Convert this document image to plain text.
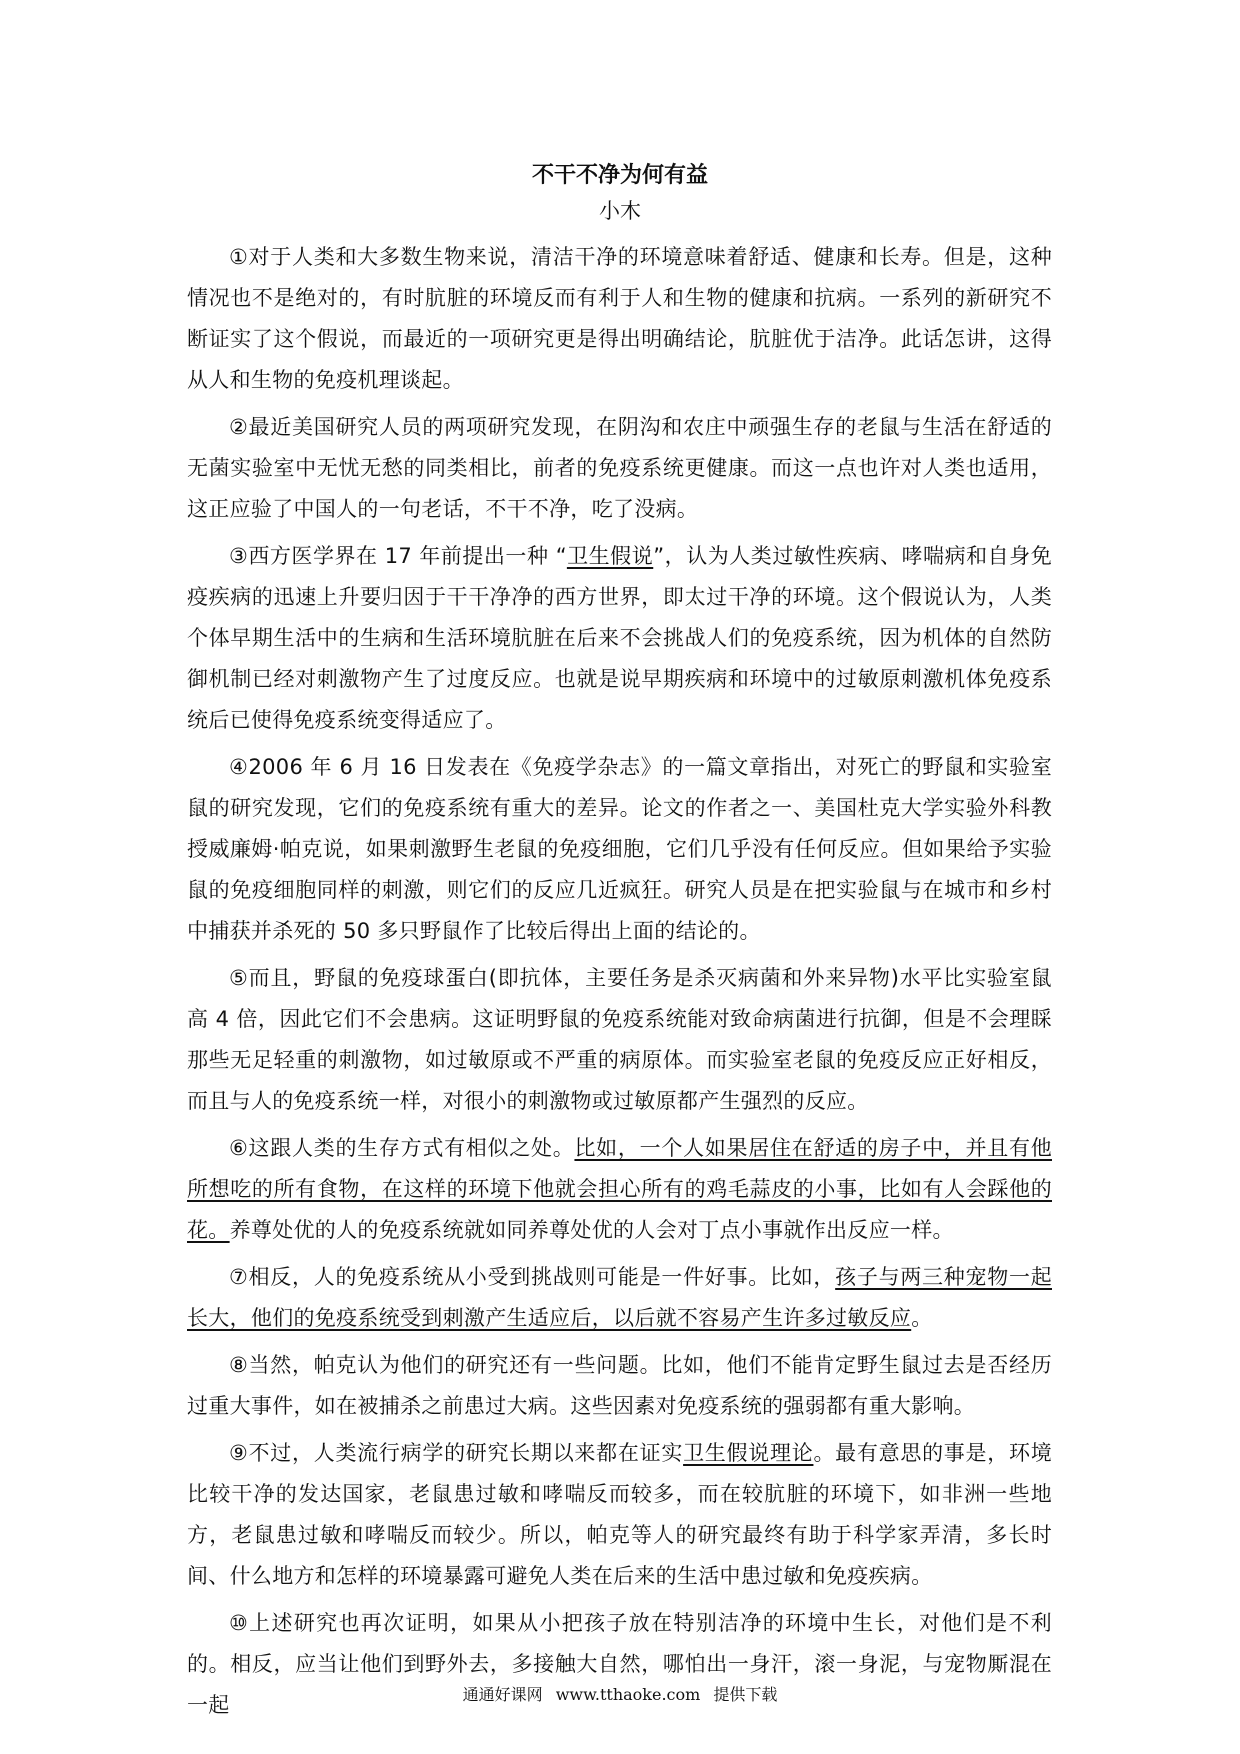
不干不净为何有益
小木

①对于人类和大多数生物来说，清洁干净的环境意味着舒适、健康和长寿。但是，这种情况也不是绝对的，有时肮脏的环境反而有利于人和生物的健康和抗病。一系列的新研究不断证实了这个假说，而最近的一项研究更是得出明确结论，肮脏优于洁净。此话怎讲，这得从人和生物的免疫机理谈起。

②最近美国研究人员的两项研究发现，在阴沟和农庄中顽强生存的老鼠与生活在舒适的无菌实验室中无忧无愁的同类相比，前者的免疫系统更健康。而这一点也许对人类也适用，这正应验了中国人的一句老话，不干不净，吃了没病。

③西方医学界在 17 年前提出一种 “卫生假说”，认为人类过敏性疾病、哮喘病和自身免疫疾病的迅速上升要归因于干干净净的西方世界，即太过干净的环境。这个假说认为，人类个体早期生活中的生病和生活环境肮脏在后来不会挑战人们的免疫系统，因为机体的自然防御机制已经对刺激物产生了过度反应。也就是说早期疾病和环境中的过敏原刺激机体免疫系统后已使得免疫系统变得适应了。

④2006 年 6 月 16 日发表在《免疫学杂志》的一篇文章指出，对死亡的野鼠和实验室鼠的研究发现，它们的免疫系统有重大的差异。论文的作者之一、美国杜克大学实验外科教授威廉姆·帕克说，如果刺激野生老鼠的免疫细胞，它们几乎没有任何反应。但如果给予实验鼠的免疫细胞同样的刺激，则它们的反应几近疯狂。研究人员是在把实验鼠与在城市和乡村中捕获并杀死的 50 多只野鼠作了比较后得出上面的结论的。

⑤而且，野鼠的免疫球蛋白(即抗体，主要任务是杀灭病菌和外来异物)水平比实验室鼠高 4 倍，因此它们不会患病。这证明野鼠的免疫系统能对致命病菌进行抗御，但是不会理睬那些无足轻重的刺激物，如过敏原或不严重的病原体。而实验室老鼠的免疫反应正好相反，而且与人的免疫系统一样，对很小的刺激物或过敏原都产生强烈的反应。

⑥这跟人类的生存方式有相似之处。比如，一个人如果居住在舒适的房子中，并且有他所想吃的所有食物，在这样的环境下他就会担心所有的鸡毛蒜皮的小事，比如有人会踩他的花。养尊处优的人的免疫系统就如同养尊处优的人会对丁点小事就作出反应一样。

⑦相反，人的免疫系统从小受到挑战则可能是一件好事。比如，孩子与两三种宠物一起长大，他们的免疫系统受到刺激产生适应后，以后就不容易产生许多过敏反应。

⑧当然，帕克认为他们的研究还有一些问题。比如，他们不能肯定野生鼠过去是否经历过重大事件，如在被捕杀之前患过大病。这些因素对免疫系统的强弱都有重大影响。

⑨不过，人类流行病学的研究长期以来都在证实卫生假说理论。最有意思的事是，环境比较干净的发达国家，老鼠患过敏和哮喘反而较多，而在较肮脏的环境下，如非洲一些地方，老鼠患过敏和哮喘反而较少。所以，帕克等人的研究最终有助于科学家弄清，多长时间、什么地方和怎样的环境暴露可避免人类在后来的生活中患过敏和免疫疾病。

⑩上述研究也再次证明，如果从小把孩子放在特别洁净的环境中生长，对他们是不利的。相反，应当让他们到野外去，多接触大自然，哪怕出一身汗，滚一身泥，与宠物厮混在一起	通通好课网 www.tthaoke.com 提供下载
